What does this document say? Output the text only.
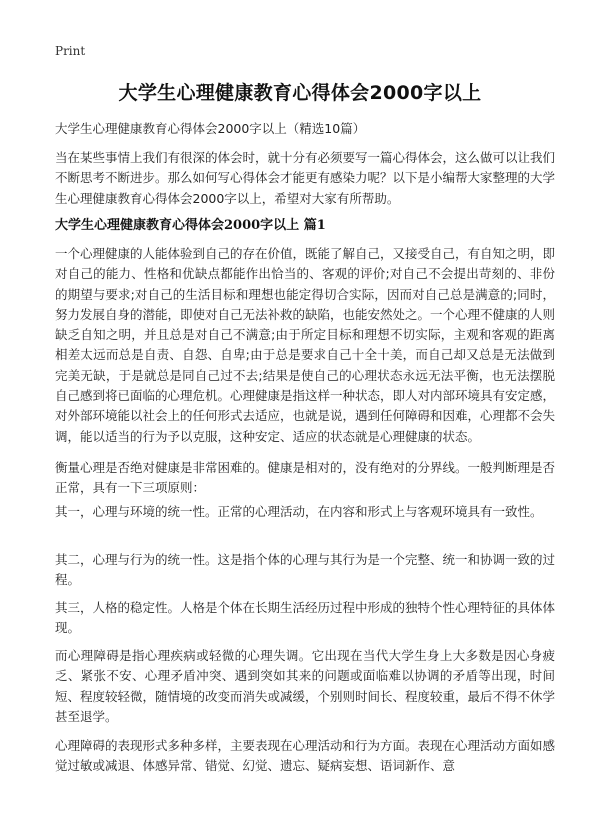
Print
大学生心理健康教育心得体会2000字以上
大学生心理健康教育心得体会2000字以上（精选10篇）
当在某些事情上我们有很深的体会时，就十分有必须要写一篇心得体会，这么做可以让我们不断思考不断进步。那么如何写心得体会才能更有感染力呢？以下是小编帮大家整理的大学生心理健康教育心得体会2000字以上，希望对大家有所帮助。
大学生心理健康教育心得体会2000字以上 篇1
一个心理健康的人能体验到自己的存在价值，既能了解自己，又接受自己，有自知之明，即对自己的能力、性格和优缺点都能作出恰当的、客观的评价;对自己不会提出苛刻的、非份的期望与要求;对自己的生活目标和理想也能定得切合实际，因而对自己总是满意的;同时，努力发展自身的潜能，即使对自己无法补救的缺陷，也能安然处之。一个心理不健康的人则缺乏自知之明，并且总是对自己不满意;由于所定目标和理想不切实际，主观和客观的距离相差太远而总是自责、自怨、自卑;由于总是要求自己十全十美，而自己却又总是无法做到完美无缺，于是就总是同自己过不去;结果是使自己的心理状态永远无法平衡，也无法摆脱自己感到将已面临的心理危机。心理健康是指这样一种状态，即人对内部环境具有安定感，对外部环境能以社会上的任何形式去适应，也就是说，遇到任何障碍和因难，心理都不会失调，能以适当的行为予以克服，这种安定、适应的状态就是心理健康的状态。
衡量心理是否绝对健康是非常困难的。健康是相对的，没有绝对的分界线。一般判断理是否正常，具有一下三项原则：
其一，心理与环境的统一性。正常的心理活动，在内容和形式上与客观环境具有一致性。
其二，心理与行为的统一性。这是指个体的心理与其行为是一个完整、统一和协调一致的过程。
其三，人格的稳定性。人格是个体在长期生活经历过程中形成的独特个性心理特征的具体体现。
而心理障碍是指心理疾病或轻微的心理失调。它出现在当代大学生身上大多数是因心身疲乏、紧张不安、心理矛盾冲突、遇到突如其来的问题或面临难以协调的矛盾等出现，时间短、程度较轻微，随情境的改变而消失或减缓，个别则时间长、程度较重，最后不得不休学甚至退学。
心理障碍的表现形式多种多样，主要表现在心理活动和行为方面。表现在心理活动方面如感觉过敏或减退、体感异常、错觉、幻觉、遗忘、疑病妄想、语词新作、意
